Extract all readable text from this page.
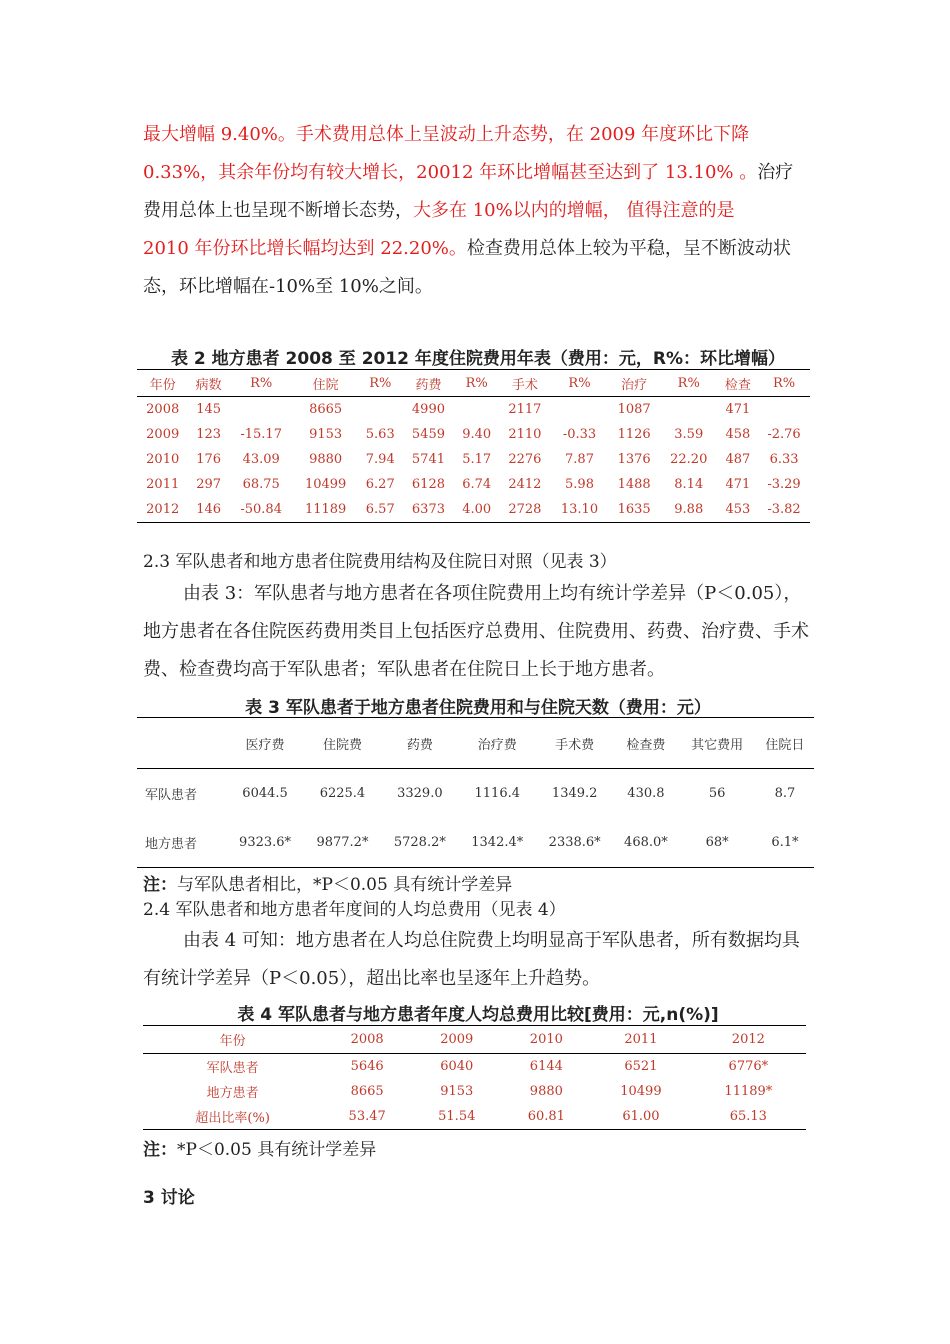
最大增幅 9.40%。手术费用总体上呈波动上升态势，在 2009 年度环比下降

0.33%，其余年份均有较大增长，20012 年环比增幅甚至达到了 13.10% 。治疗

费用总体上也呈现不断增长态势，大多在 10%以内的增幅， 值得注意的是

2010 年份环比增长幅均达到 22.20%。检查费用总体上较为平稳，呈不断波动状

态，环比增幅在-10%至 10%之间。

表 2 地方患者 2008 至 2012 年度住院费用年表（费用：元，R%：环比增幅）
年份	病数	R%	住院	R%	药费	R%	手术	R%	治疗	R%	检查	R%
2008	145		8665		4990		2117		1087		471	
2009	123	-15.17	9153	5.63	5459	9.40	2110	-0.33	1126	3.59	458	-2.76
2010	176	43.09	9880	7.94	5741	5.17	2276	7.87	1376	22.20	487	6.33
2011	297	68.75	10499	6.27	6128	6.74	2412	5.98	1488	8.14	471	-3.29
2012	146	-50.84	11189	6.57	6373	4.00	2728	13.10	1635	9.88	453	-3.82
2.3 军队患者和地方患者住院费用结构及住院日对照（见表 3）
由表 3：军队患者与地方患者在各项住院费用上均有统计学差异（P＜0.05），地方患者在各住院医药费用类目上包括医疗总费用、住院费用、药费、治疗费、手术费、检查费均高于军队患者；军队患者在住院日上长于地方患者。
表 3 军队患者于地方患者住院费用和与住院天数（费用：元）
	医疗费	住院费	药费	治疗费	手术费	检查费	其它费用	住院日
军队患者	6044.5	6225.4	3329.0	1116.4	1349.2	430.8	56	8.7
地方患者	9323.6*	9877.2*	5728.2*	1342.4*	2338.6*	468.0*	68*	6.1*
注：与军队患者相比，*P＜0.05 具有统计学差异
2.4 军队患者和地方患者年度间的人均总费用（见表 4）
由表 4 可知：地方患者在人均总住院费上均明显高于军队患者，所有数据均具有统计学差异（P＜0.05），超出比率也呈逐年上升趋势。
表 4 军队患者与地方患者年度人均总费用比较[费用：元,n(%)]
年份	2008	2009	2010	2011	2012
军队患者	5646	6040	6144	6521	6776*
地方患者	8665	9153	9880	10499	11189*
超出比率(%)	53.47	51.54	60.81	61.00	65.13
注：*P＜0.05 具有统计学差异
3 讨论
